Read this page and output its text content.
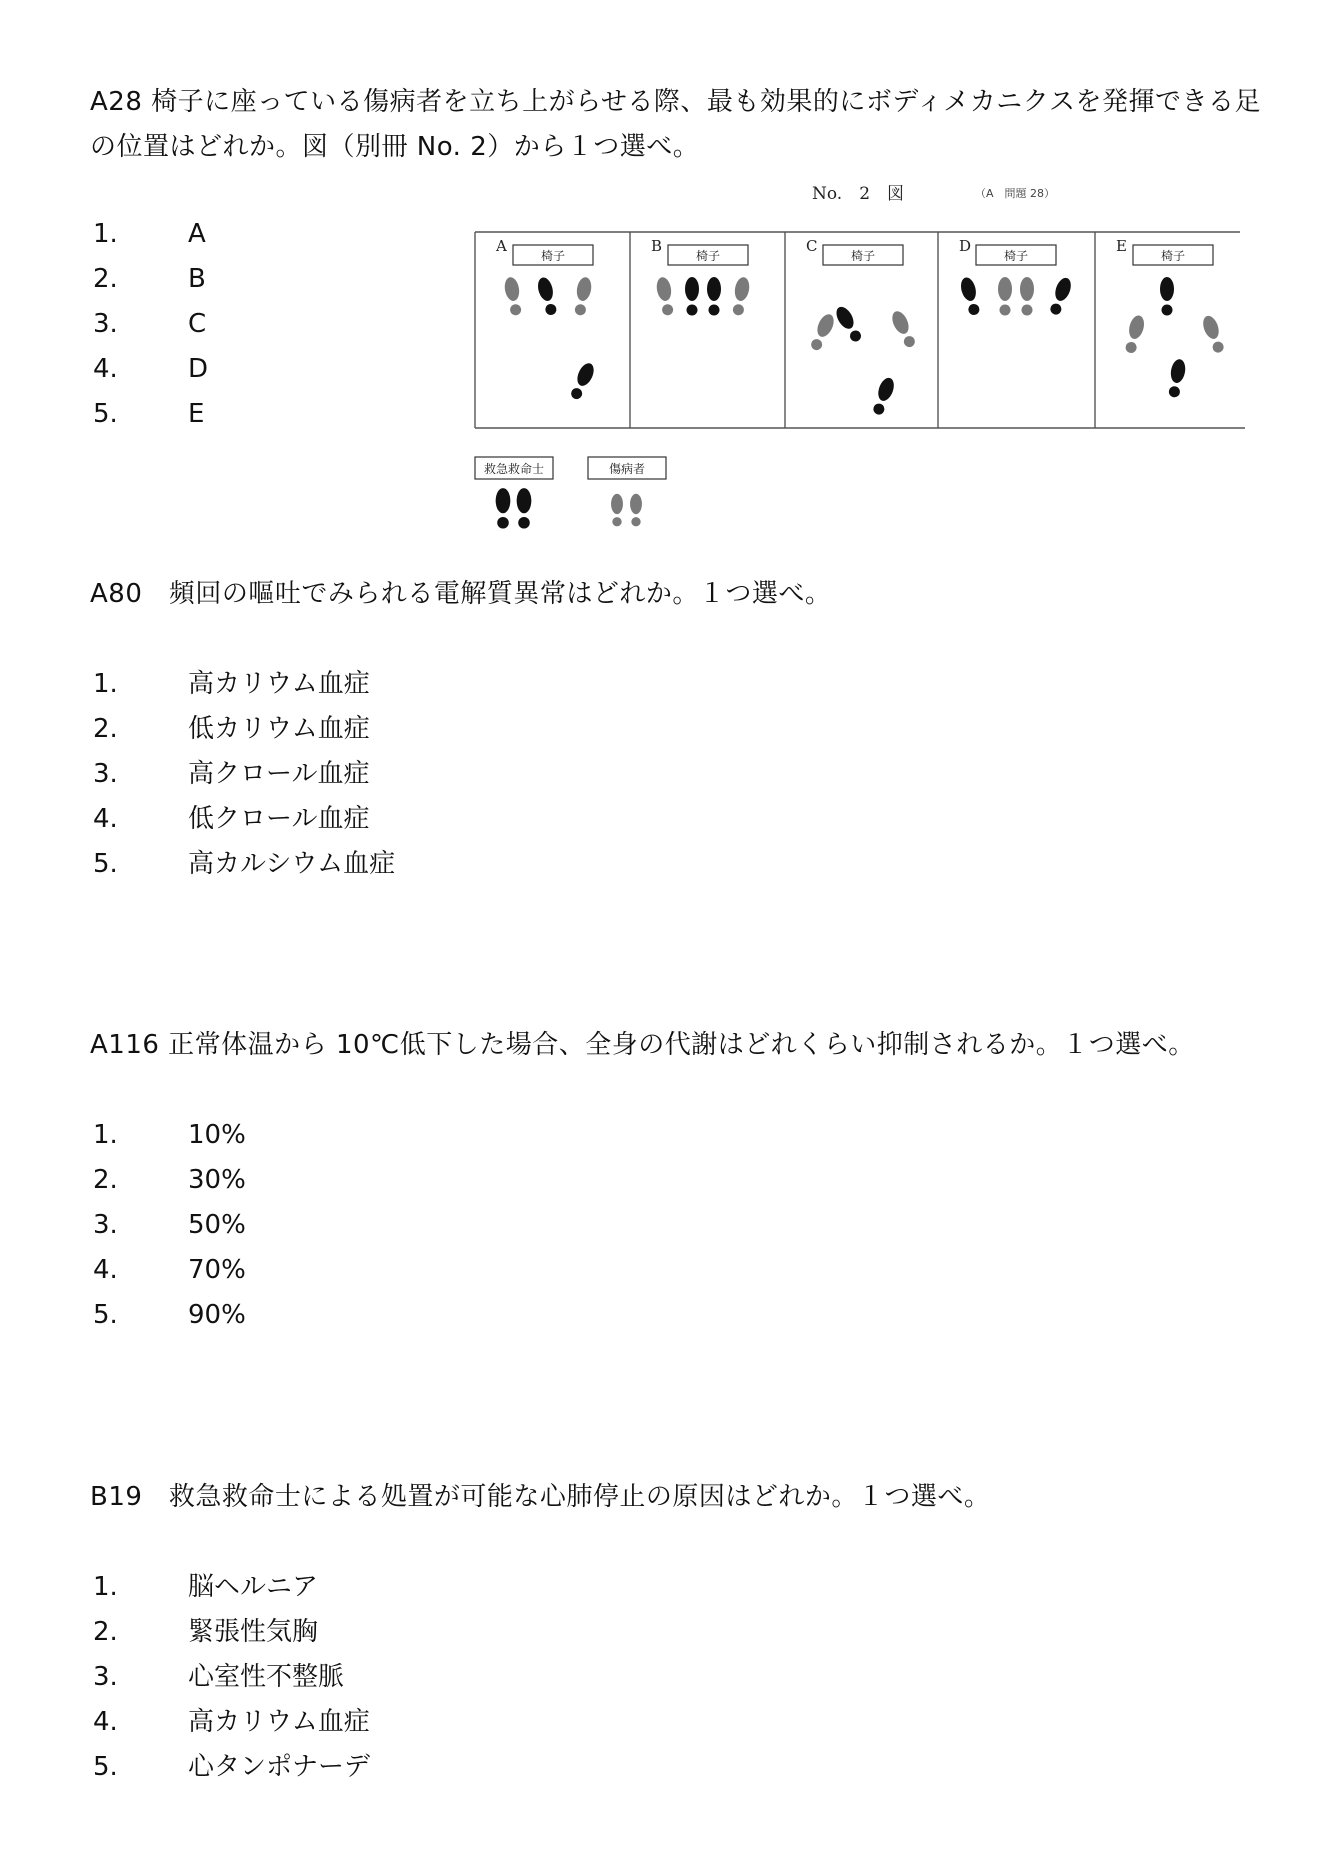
A28 椅子に座っている傷病者を立ち上がらせる際、最も効果的にボディメカニクスを発揮できる足の位置はどれか。図（別冊 No. 2）から１つ選べ。
1.	A
2.	B
3.	C
4.	D
5.	E
No.　2　図	（A　問題 28）
A
椅子
B
椅子
C
椅子
D
椅子
E
椅子
救急救命士	傷病者
A80　頻回の嘔吐でみられる電解質異常はどれか。１つ選べ。
1.	高カリウム血症
2.	低カリウム血症
3.	高クロール血症
4.	低クロール血症
5.	高カルシウム血症
A116 正常体温から 10℃低下した場合、全身の代謝はどれくらい抑制されるか。１つ選べ。
1.	10%
2.	30%
3.	50%
4.	70%
5.	90%
B19　救急救命士による処置が可能な心肺停止の原因はどれか。１つ選べ。
1.	脳ヘルニア
2.	緊張性気胸
3.	心室性不整脈
4.	高カリウム血症
5.	心タンポナーデ
